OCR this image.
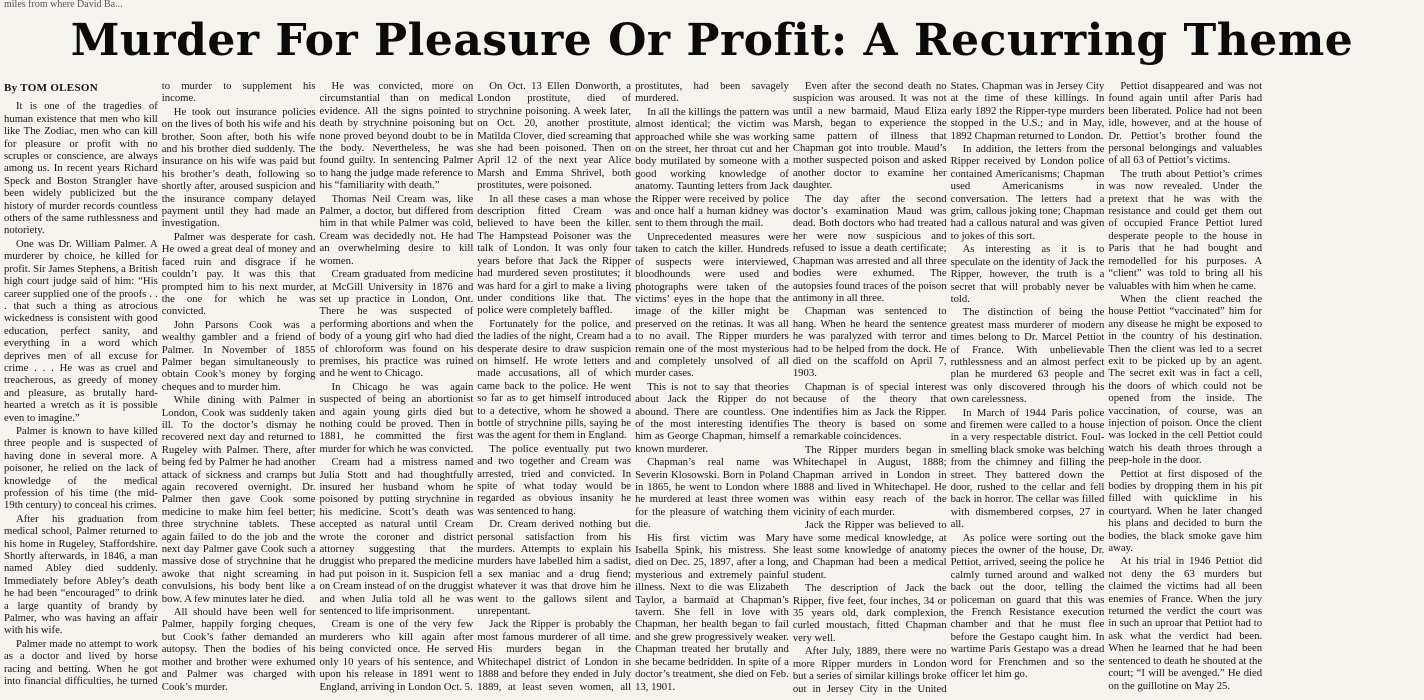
miles from where David Ba...
Murder For Pleasure Or Profit: A Recurring Theme
By TOM OLESON

It is one of the tragedies of human existence that men who kill like The Zodiac, men who can kill for pleasure or profit with no scruples or conscience, are always among us. In recent years Richard Speck and Boston Strangler have been widely publicized but the history of murder records countless others of the same ruthlessness and notoriety.

One was Dr. William Palmer. A murderer by choice, he killed for profit. Sir James Stephens, a British high court judge said of him: “His career supplied one of the proofs . . . that such a thing as atrocious wickedness is consistent with good education, perfect sanity, and everything in a word which deprives men of all excuse for crime . . . He was as cruel and treacherous, as greedy of money and pleasure, as brutally hard-hearted a wretch as it is possible even to imagine.”

Palmer is known to have killed three people and is suspected of having done in several more. A poisoner, he relied on the lack of knowledge of the medical profession of his time (the mid-19th century) to conceal his crimes.

After his graduation from medical school, Palmer returned to his home in Rugeley, Staffordshire. Shortly afterwards, in 1846, a man named Abley died suddenly. Immediately before Abley’s death he had been “encouraged” to drink a large quantity of brandy by Palmer, who was having an affair with his wife.

Palmer made no attempt to work as a doctor and lived by horse racing and betting. When he got into financial difficulties, he turned to murder to supplement his income.

He took out insurance policies on the lives of both his wife and his brother. Soon after, both his wife and his brother died suddenly. The insurance on his wife was paid but his brother’s death, following so shortly after, aroused suspicion and the insurance company delayed payment until they had made an investigation.

Palmer was desperate for cash. He owed a great deal of money and faced ruin and disgrace if he couldn’t pay. It was this that prompted him to his next murder, the one for which he was convicted.

John Parsons Cook was a wealthy gambler and a friend of Palmer. In November of 1855 Palmer began simultaneously to obtain Cook’s money by forging cheques and to murder him.

While dining with Palmer in London, Cook was suddenly taken ill. To the doctor’s dismay he recovered next day and returned to Rugeley with Palmer. There, after being fed by Palmer he had another attack of sickness and cramps but again recovered overnight. Dr. Palmer then gave Cook some medicine to make him feel better; three strychnine tablets. These again failed to do the job and the next day Palmer gave Cook such a massive dose of strychnine that he awoke that night screaming in convulsions, his body bent like a bow. A few minutes later he died.

All should have been well for Palmer, happily forging cheques, but Cook’s father demanded an autopsy. Then the bodies of his mother and brother were exhumed and Palmer was charged with Cook’s murder.

He was convicted, more on circumstantial than on medical evidence. All the signs pointed to death by strychnine poisoning but none proved beyond doubt to be in the body. Nevertheless, he was found guilty. In sentencing Palmer to hang the judge made reference to his “familiarity with death.”

Thomas Neil Cream was, like Palmer, a doctor, but differed from him in that while Palmer was cold, Cream was decidedly not. He had an overwhelming desire to kill women.

Cream graduated from medicine at McGill University in 1876 and set up practice in London, Ont. There he was suspected of performing abortions and when the body of a young girl who had died of chloroform was found on his premises, his practice was ruined and he went to Chicago.

In Chicago he was again suspected of being an abortionist and again young girls died but nothing could be proved. Then in 1881, he committed the first murder for which he was convicted.

Cream had a mistress named Julia Stott and had thoughtfully insured her husband whom he poisoned by putting strychnine in his medicine. Scott’s death was accepted as natural until Cream wrote the coroner and district attorney suggesting that the druggist who prepared the medicine had put poison in it. Suspicion fell on Cream instead of on the druggist and when Julia told all he was sentenced to life imprisonment.

Cream is one of the very few murderers who kill again after being convicted once. He served only 10 years of his sentence, and upon his release in 1891 went to England, arriving in London Oct. 5.

On Oct. 13 Ellen Donworth, a London prostitute, died of strychnine poisoning. A week later, on Oct. 20, another prostitute, Matilda Clover, died screaming that she had been poisoned. Then on April 12 of the next year Alice Marsh and Emma Shrivel, both prostitutes, were poisoned.

In all these cases a man whose description fitted Cream was believed to have been the killer. The Hampstead Poisoner was the talk of London. It was only four years before that Jack the Ripper had murdered seven prostitutes; it was hard for a girl to make a living under conditions like that. The police were completely baffled.

Fortunately for the police, and the ladies of the night, Cream had a desperate desire to draw suspicion on himself. He wrote letters and made accusations, all of which came back to the police. He went so far as to get himself introduced to a detective, whom he showed a bottle of strychnine pills, saying he was the agent for them in England.

The police eventually put two and two together and Cream was arrested, tried and convicted. In spite of what today would be regarded as obvious insanity he was sentenced to hang.

Dr. Cream derived nothing but personal satisfaction from his murders. Attempts to explain his murders have labelled him a sadist, a sex maniac and a drug fiend; whatever it was that drove him he went to the gallows silent and unrepentant.

Jack the Ripper is probably the most famous murderer of all time. His murders began in the Whitechapel district of London in 1888 and before they ended in July 1889, at least seven women, all prostitutes, had been savagely murdered.

In all the killings the pattern was almost identical; the victim was approached while she was working on the street, her throat cut and her body mutilated by someone with a good working knowledge of anatomy. Taunting letters from Jack the Ripper were received by police and once half a human kidney was sent to them through the mail.

Unprecedented measures were taken to catch the killer. Hundreds of suspects were interviewed, bloodhounds were used and photographs were taken of the victims’ eyes in the hope that the image of the killer might be preserved on the retinas. It was all to no avail. The Ripper murders remain one of the most mysterious and completely unsolved of all murder cases.

This is not to say that theories about Jack the Ripper do not abound. There are countless. One of the most interesting identifies him as George Chapman, himself a known murderer.

Chapman’s real name was Severin Klosowski. Born in Poland in 1865, he went to London where he murdered at least three women for the pleasure of watching them die.

His first victim was Mary Isabella Spink, his mistress. She died on Dec. 25, 1897, after a long, mysterious and extremely painful illness. Next to die was Elizabeth Taylor, a barmaid at Chapman’s tavern. She fell in love with Chapman, her health began to fail and she grew progressively weaker. Chapman treated her brutally and she became bedridden. In spite of a doctor’s treatment, she died on Feb. 13, 1901.

Even after the second death no suspicion was aroused. It was not until a new barmaid, Maud Eliza Marsh, began to experience the same pattern of illness that Chapman got into trouble. Maud’s mother suspected poison and asked another doctor to examine her daughter.

The day after the second doctor’s examination Maud was dead. Both doctors who had treated her were now suspicious and refused to issue a death certificate; Chapman was arrested and all three bodies were exhumed. The autopsies found traces of the poison antimony in all three.

Chapman was sentenced to hang. When he heard the sentence he was paralyzed with terror and had to be helped from the dock. He died on the scaffold on April 7, 1903.

Chapman is of special interest because of the theory that indentifies him as Jack the Ripper. The theory is based on some remarkable coincidences.

The Ripper murders began in Whitechapel in August, 1888; Chapman arrived in London in 1888 and lived in Whitechapel. He was within easy reach of the vicinity of each murder.

Jack the Ripper was believed to have some medical knowledge, at least some knowledge of anatomy and Chapman had been a medical student.

The description of Jack the Ripper, five feet, four inches, 34 or 35 years old, dark complexion, curled moustach, fitted Chapman very well.

After July, 1889, there were no more Ripper murders in London but a series of similar killings broke out in Jersey City in the United States. Chapman was in Jersey City at the time of these killings. In early 1892 the Ripper-type murders stopped in the U.S.; and in May, 1892 Chapman returned to London.

In addition, the letters from the Ripper received by London police contained Americanisms; Chapman used Americanisms in conversation. The letters had a grim, callous joking tone; Chapman had a callous natural and was given to jokes of this sort.

As interesting as it is to speculate on the identity of Jack the Ripper, however, the truth is a secret that will probably never be told.

The distinction of being the greatest mass murderer of modern times belong to Dr. Marcel Pettiot of France. With unbelievable ruthlessness and an almost perfect plan he murdered 63 people and was only discovered through his own carelessness.

In March of 1944 Paris police and firemen were called to a house in a very respectable district. Foul-smelling black smoke was belching from the chimney and filling the street. They battered down the door, rushed to the cellar and fell back in horror. The cellar was filled with dismembered corpses, 27 in all.

As police were sorting out the pieces the owner of the house, Dr. Pettiot, arrived, seeing the police he calmly turned around and walked back out the door, telling the policeman on guard that this was the French Resistance execution chamber and that he must flee before the Gestapo caught him. In wartime Paris Gestapo was a dread word for Frenchmen and so the officer let him go.

Pettiot disappeared and was not found again until after Paris had been liberated. Police had not been idle, however, and at the house of Dr. Pettiot’s brother found the personal belongings and valuables of all 63 of Pettiot’s victims.

The truth about Pettiot’s crimes was now revealed. Under the pretext that he was with the resistance and could get them out of occupied France Pettiot lured desperate people to the house in Paris that he had bought and remodelled for his purposes. A “client” was told to bring all his valuables with him when he came.

When the client reached the house Pettiot “vaccinated” him for any disease he might be exposed to in the country of his destination. Then the client was led to a secret exit to be picked up by an agent. The secret exit was in fact a cell, the doors of which could not be opened from the inside. The vaccination, of course, was an injection of poison. Once the client was locked in the cell Pettiot could watch his death throes through a peep-hole in the door.

Pettiot at first disposed of the bodies by dropping them in his pit filled with quicklime in his courtyard. When he later changed his plans and decided to burn the bodies, the black smoke gave him away.

At his trial in 1946 Pettiot did not deny the 63 murders but claimed the victims had all been enemies of France. When the jury returned the verdict the court was in such an uproar that Pettiot had to ask what the verdict had been. When he learned that he had been sentenced to death he shouted at the court; “I will be avenged.” He died on the guillotine on May 25.
